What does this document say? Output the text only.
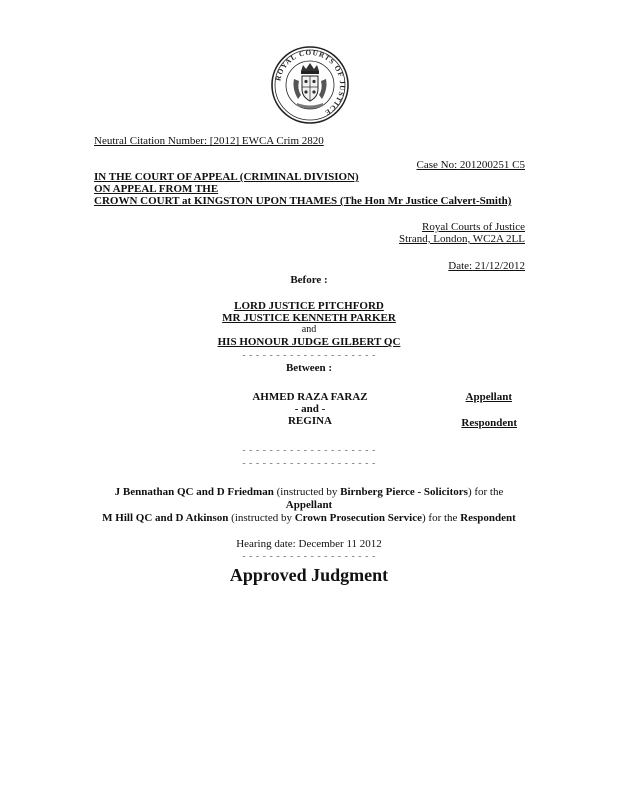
ROYAL COURTS OF JUSTICE
Neutral Citation Number: [2012] EWCA Crim 2820
Case No: 201200251 C5
IN THE COURT OF APPEAL (CRIMINAL DIVISION)
ON APPEAL FROM THE
CROWN COURT at KINGSTON UPON THAMES (The Hon Mr Justice Calvert-Smith)
Royal Courts of Justice
Strand, London, WC2A 2LL
Date: 21/12/2012
Before :
LORD JUSTICE PITCHFORD
MR JUSTICE KENNETH PARKER
and
HIS HONOUR JUDGE GILBERT QC
- - - - - - - - - - - - - - - - - - - -
Between :
AHMED RAZA FARAZ	Appellant
- and -
REGINA	Respondent
- - - - - - - - - - - - - - - - - - - -
- - - - - - - - - - - - - - - - - - - -
J Bennathan QC and D Friedman (instructed by Birnberg Pierce - Solicitors) for the
Appellant
M Hill QC and D Atkinson (instructed by Crown Prosecution Service) for the Respondent
Hearing date: December 11 2012
- - - - - - - - - - - - - - - - - - - -
Approved Judgment
